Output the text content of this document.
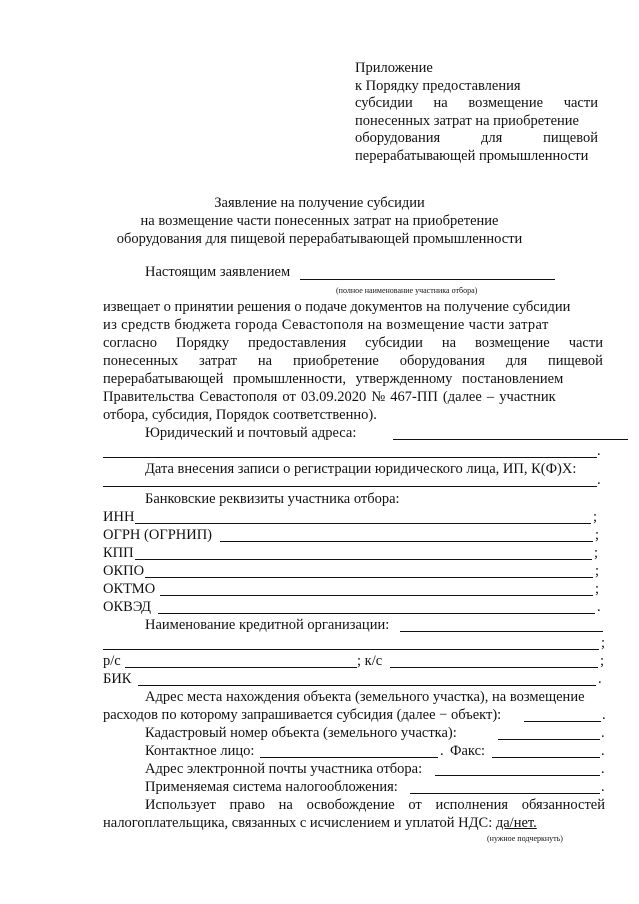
Приложение
к Порядку предоставления
субсидии на возмещение части
понесенных затрат на приобретение
оборудования	для	пищевой
перерабатывающей промышленности
Заявление на получение субсидии
на возмещение части понесенных затрат на приобретение
оборудования для пищевой перерабатывающей промышленности
Настоящим заявлением
(полное наименование участника отбора)
извещает о принятии решения о подаче документов на получение субсидии
из средств бюджета города Севастополя на возмещение части затрат
согласно Порядку предоставления субсидии на возмещение части
понесенных затрат на приобретение оборудования для пищевой
перерабатывающей промышленности, утвержденному постановлением
Правительства Севастополя от 03.09.2020 № 467-ПП (далее – участник
отбора, субсидия, Порядок соответственно).
Юридический и почтовый адреса:
.
Дата внесения записи о регистрации юридического лица, ИП, К(Ф)Х:
.
Банковские реквизиты участника отбора:
ИНН	;
ОГРН (ОГРНИП)	;
КПП	;
ОКПО	;
ОКТМО	;
ОКВЭД	.
Наименование кредитной организации:
;
р/с	; к/с	;
БИК	.
Адрес места нахождения объекта (земельного участка), на возмещение
расходов по которому запрашивается субсидия (далее − объект):	.
Кадастровый номер объекта (земельного участка):	.
Контактное лицо:	. Факс:	.
Адрес электронной почты участника отбора:	.
Применяемая система налогообложения:	.
Использует право на освобождение от исполнения обязанностей
налогоплательщика, связанных с исчислением и уплатой НДС: да/нет.
(нужное подчеркнуть)
